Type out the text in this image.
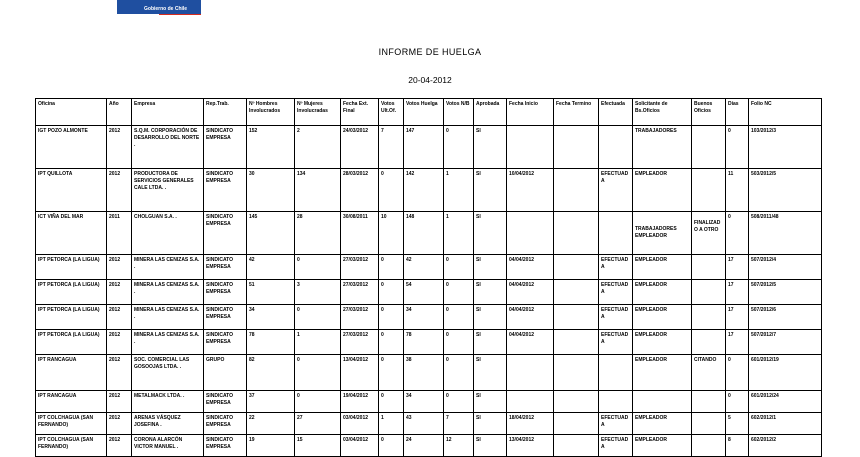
Gobierno de Chile
INFORME DE HUELGA
20-04-2012
Oficina	Año	Empresa	Rep.Trab.	Nº Hombres Involucrados	Nº Mujeres Involucradas	Fecha Ext. Final	Votos Ult.Of.	Votos Huelga	Votos N/B	Aprobada	Fecha Inicio	Fecha Termino	Efectuada	Solicitante de Bs.Oficios	Buenos Oficios	Días	Folio NC
IGT POZO ALMONTE	2012	S.Q.M. CORPORACIÓN DE DESARROLLO DEL NORTE .	SINDICATO EMPRESA	152	2	24/03/2012	7	147	0	SI				TRABAJADORES		0	103/2012/3
IPT QUILLOTA	2012	PRODUCTORA DE SERVICIOS GENERALES CALE LTDA. .	SINDICATO EMPRESA	30	134	28/03/2012	0	142	1	SI	10/04/2012		EFECTUADA	EMPLEADOR		11	503/2012/5
ICT VIÑA DEL MAR	2011	CHOLGUAN S.A. .	SINDICATO EMPRESA	145	28	30/08/2011	10	148	1	SI				TRABAJADORES EMPLEADOR	FINALIZADO A OTRO	0	508/2011/48
IPT PETORCA (LA LIGUA)	2012	MINERA LAS CENIZAS S.A. .	SINDICATO EMPRESA	42	0	27/03/2012	0	42	0	SI	04/04/2012		EFECTUADA	EMPLEADOR		17	507/2012/4
IPT PETORCA (LA LIGUA)	2012	MINERA LAS CENIZAS S.A. .	SINDICATO EMPRESA	51	3	27/03/2012	0	54	0	SI	04/04/2012		EFECTUADA	EMPLEADOR		17	507/2012/5
IPT PETORCA (LA LIGUA)	2012	MINERA LAS CENIZAS S.A. .	SINDICATO EMPRESA	34	0	27/03/2012	0	34	0	SI	04/04/2012		EFECTUADA	EMPLEADOR		17	507/2012/6
IPT PETORCA (LA LIGUA)	2012	MINERA LAS CENIZAS S.A. .	SINDICATO EMPRESA	78	1	27/03/2012	0	78	0	SI	04/04/2012		EFECTUADA	EMPLEADOR		17	507/2012/7
IPT RANCAGUA	2012	SOC. COMERCIAL LAS GOSOOJAS LTDA. .	GRUPO	82	0	13/04/2012	0	38	0	SI				EMPLEADOR	CITANDO	0	601/2012/19
IPT RANCAGUA	2012	METALMACK LTDA. .	SINDICATO EMPRESA	37	0	19/04/2012	0	34	0	SI						0	601/2012/24
IPT COLCHAGUA (SAN FERNANDO)	2012	ARENAS VÁSQUEZ JOSEFINA .	SINDICATO EMPRESA	22	27	03/04/2012	1	43	7	SI	18/04/2012		EFECTUADA	EMPLEADOR		5	602/2012/1
IPT COLCHAGUA (SAN FERNANDO)	2012	CORONA ALARCÓN VICTOR MANUEL .	SINDICATO EMPRESA	19	15	03/04/2012	0	24	12	SI	13/04/2012		EFECTUADA	EMPLEADOR		8	602/2012/2
